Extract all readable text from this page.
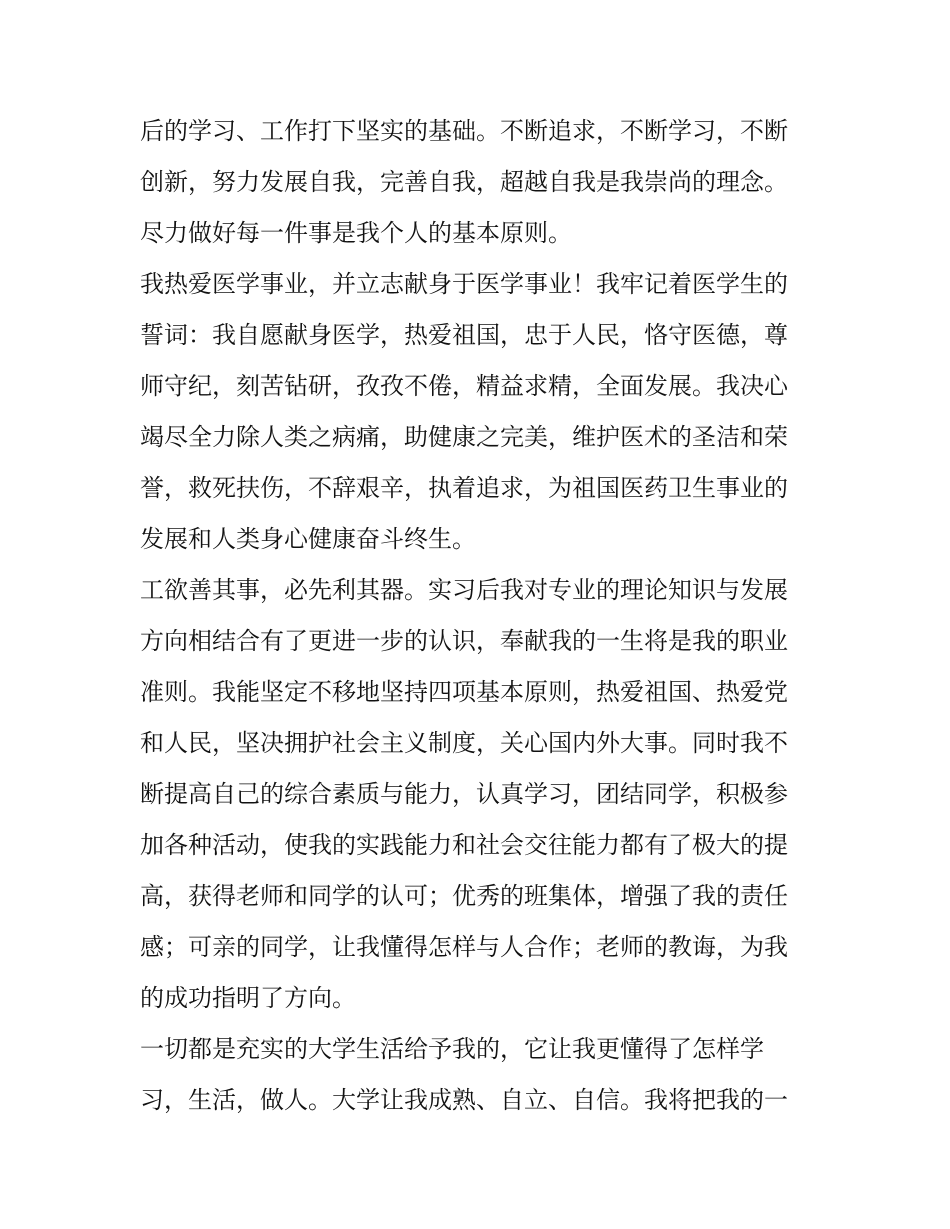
后的学习、工作打下坚实的基础。不断追求，不断学习，不断
创新，努力发展自我，完善自我，超越自我是我崇尚的理念。
尽力做好每一件事是我个人的基本原则。
我热爱医学事业，并立志献身于医学事业！我牢记着医学生的
誓词：我自愿献身医学，热爱祖国，忠于人民，恪守医德，尊
师守纪，刻苦钻研，孜孜不倦，精益求精，全面发展。我决心
竭尽全力除人类之病痛，助健康之完美，维护医术的圣洁和荣
誉，救死扶伤，不辞艰辛，执着追求，为祖国医药卫生事业的
发展和人类身心健康奋斗终生。
工欲善其事，必先利其器。实习后我对专业的理论知识与发展
方向相结合有了更进一步的认识，奉献我的一生将是我的职业
准则。我能坚定不移地坚持四项基本原则，热爱祖国、热爱党
和人民，坚决拥护社会主义制度，关心国内外大事。同时我不
断提高自己的综合素质与能力，认真学习，团结同学，积极参
加各种活动，使我的实践能力和社会交往能力都有了极大的提
高，获得老师和同学的认可；优秀的班集体，增强了我的责任
感；可亲的同学，让我懂得怎样与人合作；老师的教诲，为我
的成功指明了方向。
一切都是充实的大学生活给予我的，它让我更懂得了怎样学
习，生活，做人。大学让我成熟、自立、自信。我将把我的一
